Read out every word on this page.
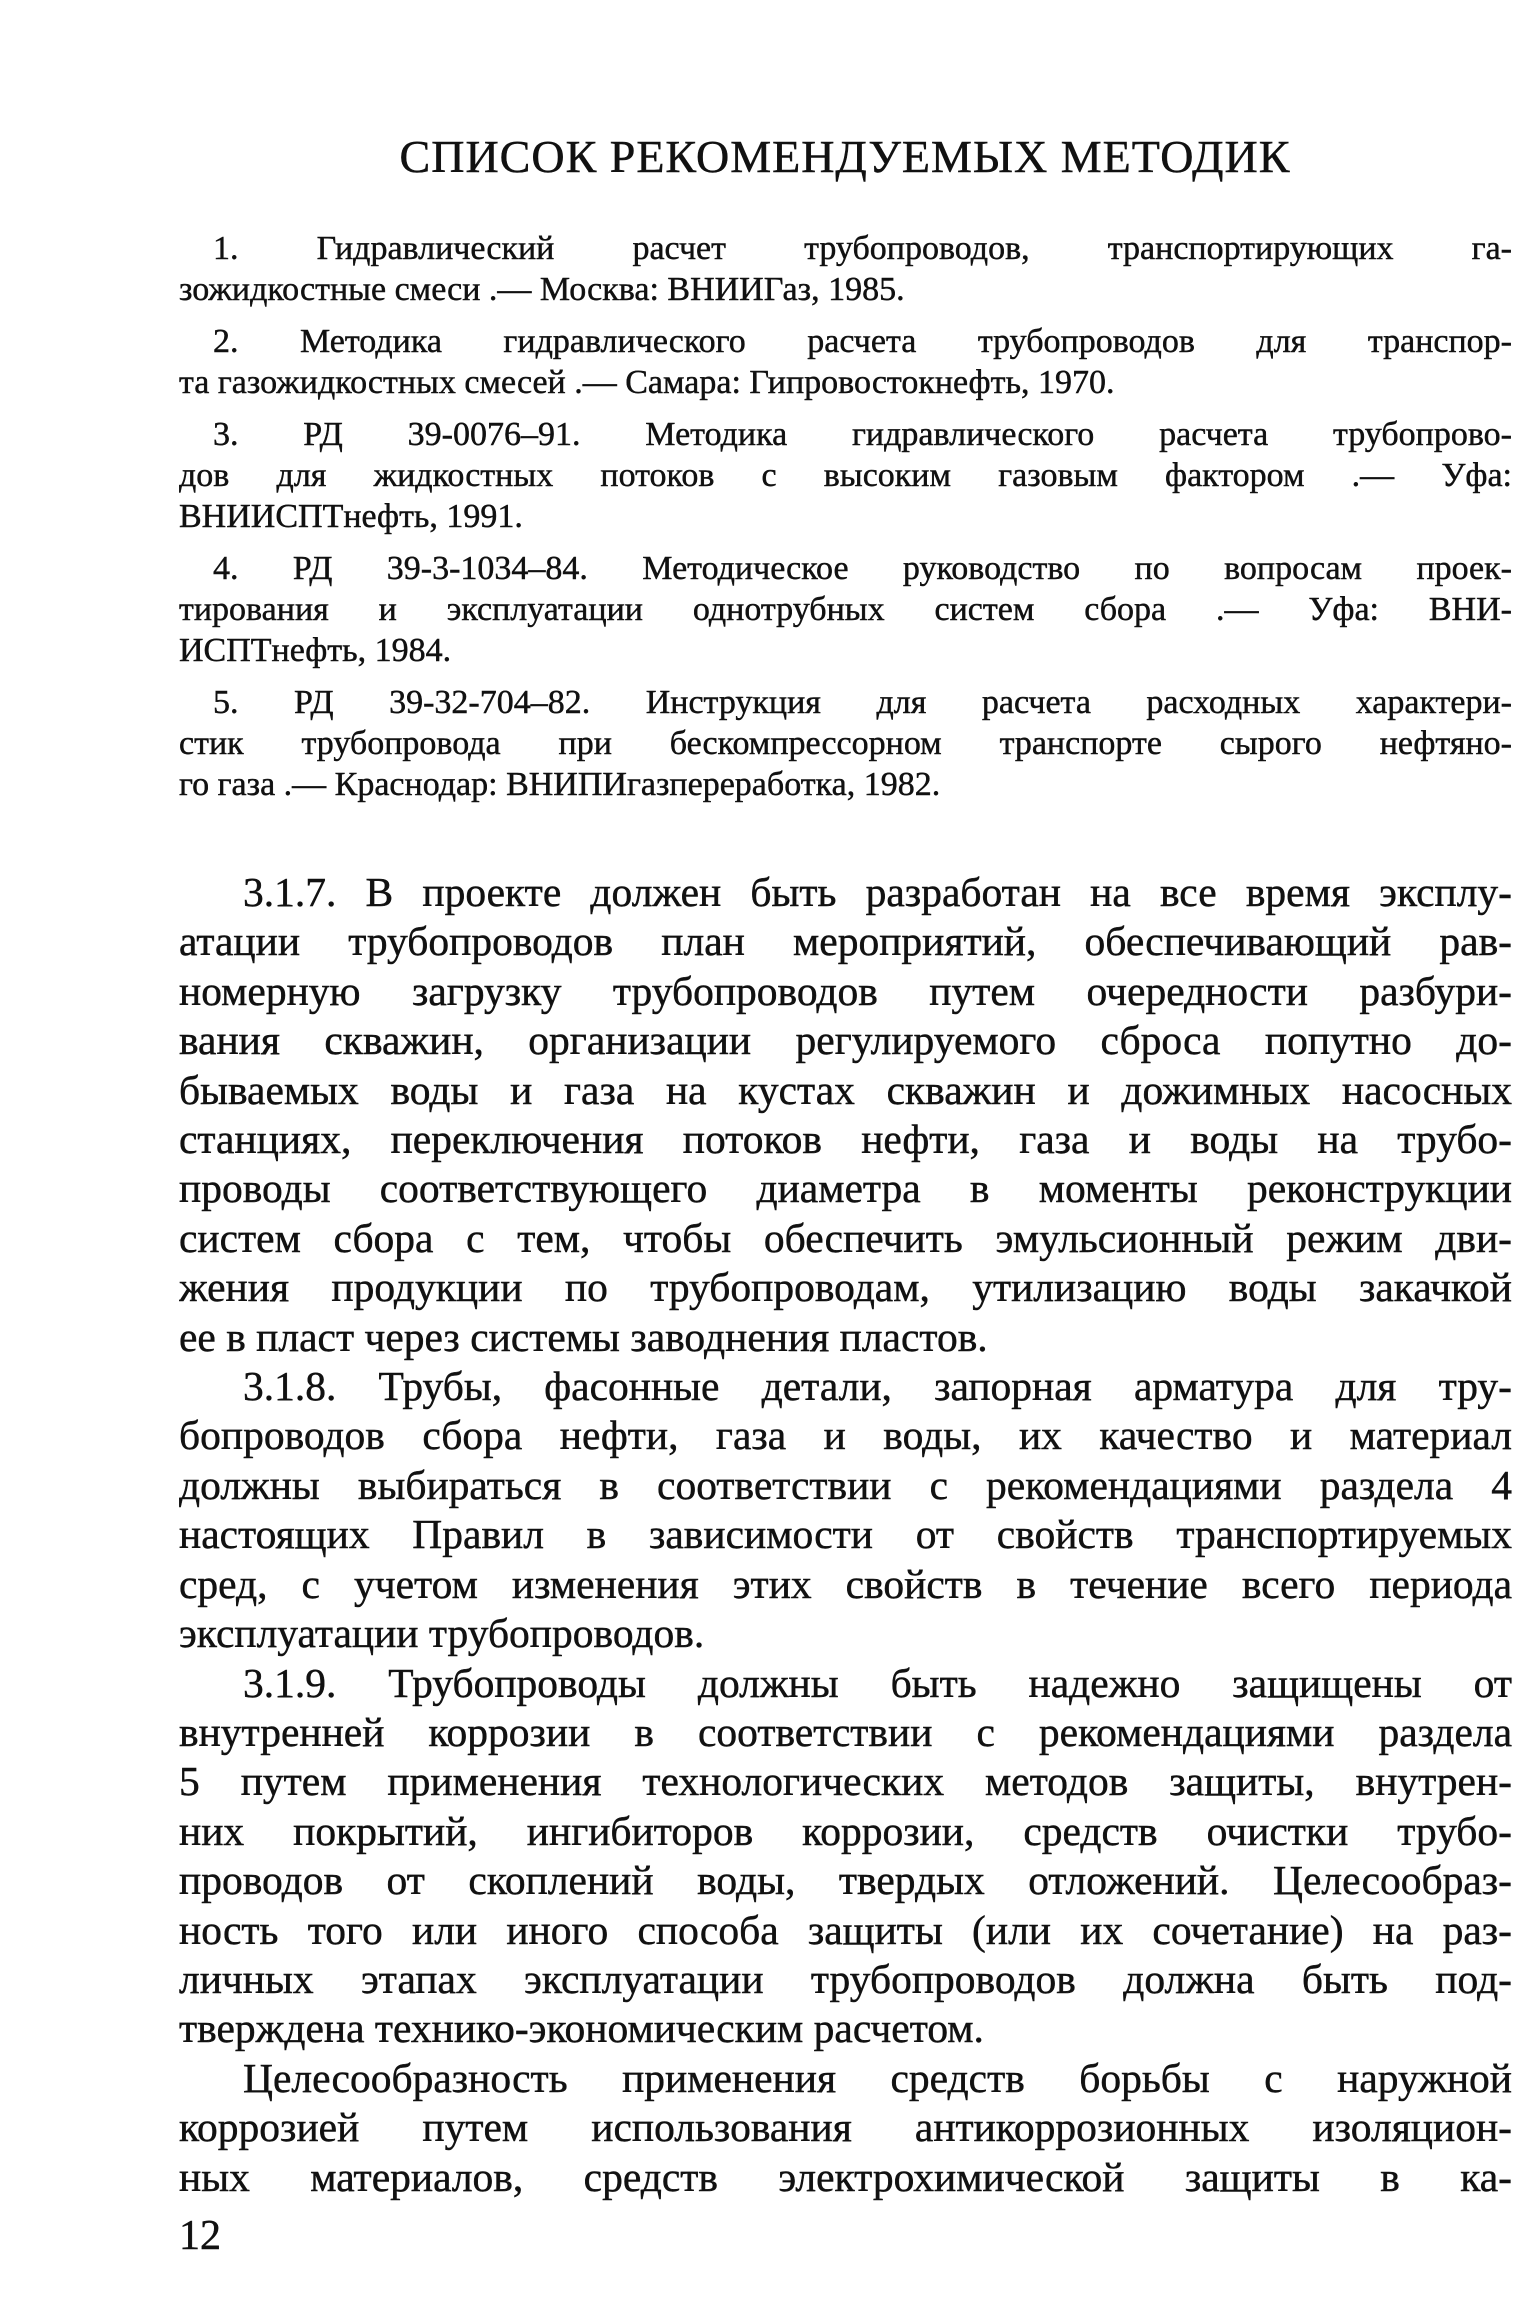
СПИСОК РЕКОМЕНДУЕМЫХ МЕТОДИК
1. Гидравлический расчет трубопроводов, транспортирующих га-
зожидкостные смеси .— Москва: ВНИИГаз, 1985.
2. Методика гидравлического расчета трубопроводов для транспор-
та газожидкостных смесей .— Самара: Гипровостокнефть, 1970.
3. РД 39-0076–91. Методика гидравлического расчета трубопрово-
дов для жидкостных потоков с высоким газовым фактором .— Уфа:
ВНИИСПТнефть, 1991.
4. РД 39-3-1034–84. Методическое руководство по вопросам проек-
тирования и эксплуатации однотрубных систем сбора .— Уфа: ВНИ-
ИСПТнефть, 1984.
5. РД 39-32-704–82. Инструкция для расчета расходных характери-
стик трубопровода при бескомпрессорном транспорте сырого нефтяно-
го газа .— Краснодар: ВНИПИгазпереработка, 1982.
3.1.7. В проекте должен быть разработан на все время эксплу-
атации трубопроводов план мероприятий, обеспечивающий рав-
номерную загрузку трубопроводов путем очередности разбури-
вания скважин, организации регулируемого сброса попутно до-
бываемых воды и газа на кустах скважин и дожимных насосных
станциях, переключения потоков нефти, газа и воды на трубо-
проводы соответствующего диаметра в моменты реконструкции
систем сбора с тем, чтобы обеспечить эмульсионный режим дви-
жения продукции по трубопроводам, утилизацию воды закачкой
ее в пласт через системы заводнения пластов.
3.1.8. Трубы, фасонные детали, запорная арматура для тру-
бопроводов сбора нефти, газа и воды, их качество и материал
должны выбираться в соответствии с рекомендациями раздела 4
настоящих Правил в зависимости от свойств транспортируемых
сред, с учетом изменения этих свойств в течение всего периода
эксплуатации трубопроводов.
3.1.9. Трубопроводы должны быть надежно защищены от
внутренней коррозии в соответствии с рекомендациями раздела
5 путем применения технологических методов защиты, внутрен-
них покрытий, ингибиторов коррозии, средств очистки трубо-
проводов от скоплений воды, твердых отложений. Целесообраз-
ность того или иного способа защиты (или их сочетание) на раз-
личных этапах эксплуатации трубопроводов должна быть под-
тверждена технико-экономическим расчетом.
Целесообразность применения средств борьбы с наружной
коррозией путем использования антикоррозионных изоляцион-
ных материалов, средств электрохимической защиты в ка-
12
